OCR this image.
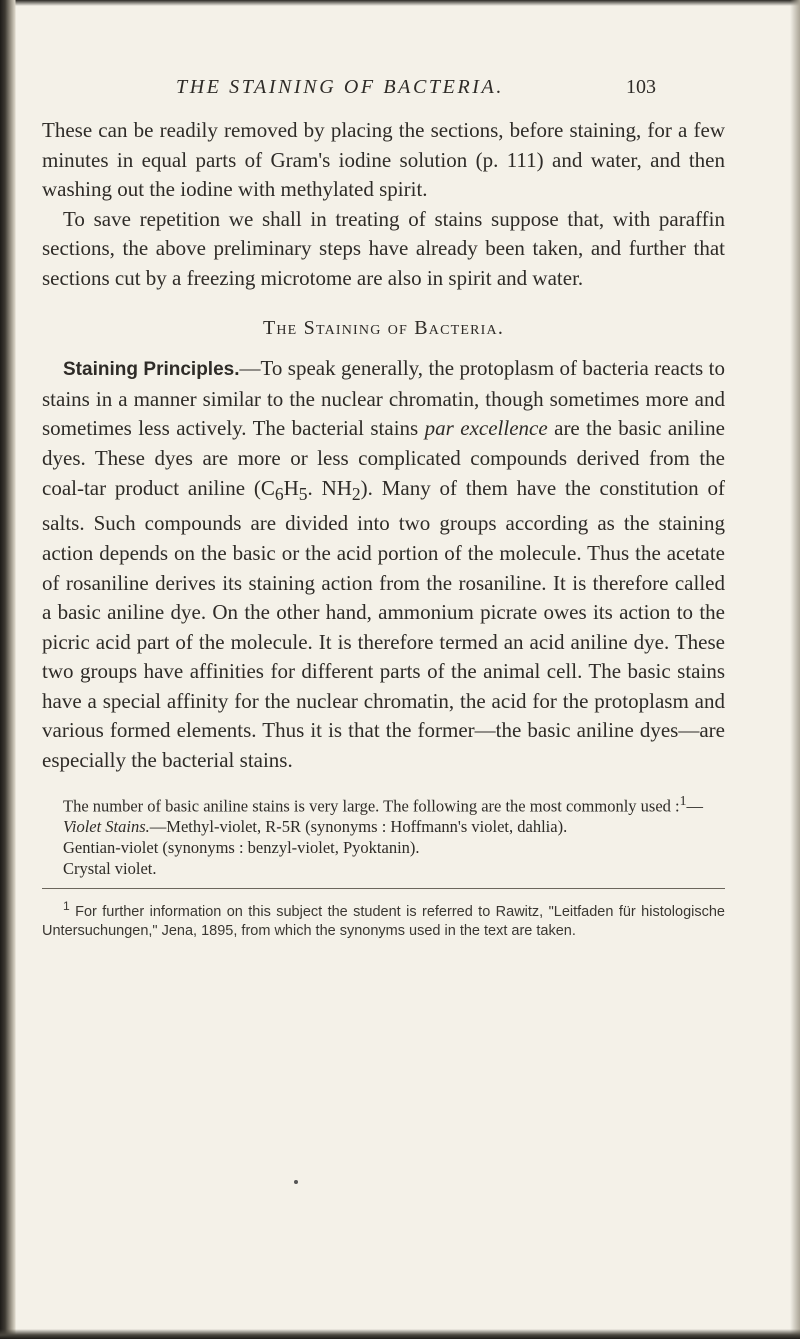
THE STAINING OF BACTERIA.	103

These can be readily removed by placing the sections, before staining, for a few minutes in equal parts of Gram's iodine solution (p. 111) and water, and then washing out the iodine with methylated spirit.

To save repetition we shall in treating of stains suppose that, with paraffin sections, the above preliminary steps have already been taken, and further that sections cut by a freezing microtome are also in spirit and water.

The Staining of Bacteria.

Staining Principles.—To speak generally, the protoplasm of bacteria reacts to stains in a manner similar to the nuclear chromatin, though sometimes more and sometimes less actively. The bacterial stains par excellence are the basic aniline dyes. These dyes are more or less complicated compounds derived from the coal-tar product aniline ($C_6H_5$. $NH_2$). Many of them have the constitution of salts. Such compounds are divided into two groups according as the staining action depends on the basic or the acid portion of the molecule. Thus the acetate of rosaniline derives its staining action from the rosaniline. It is therefore called a basic aniline dye. On the other hand, ammonium picrate owes its action to the picric acid part of the molecule. It is therefore termed an acid aniline dye. These two groups have affinities for different parts of the animal cell. The basic stains have a special affinity for the nuclear chromatin, the acid for the protoplasm and various formed elements. Thus it is that the former—the basic aniline dyes—are especially the bacterial stains.

The number of basic aniline stains is very large. The following are the most commonly used :$^1$—

Violet Stains.—Methyl-violet, R-5R (synonyms : Hoffmann's violet, dahlia).

Gentian-violet (synonyms : benzyl-violet, Pyoktanin).

Crystal violet.

$^1$ For further information on this subject the student is referred to Rawitz, "Leitfaden für histologische Untersuchungen," Jena, 1895, from which the synonyms used in the text are taken.
